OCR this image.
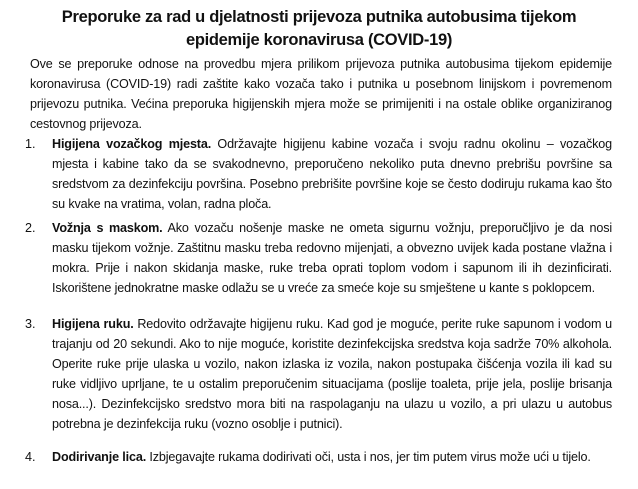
Preporuke za rad u djelatnosti prijevoza putnika autobusima tijekom
epidemije koronavirusa (COVID-19)
Ove se preporuke odnose na provedbu mjera prilikom prijevoza putnika autobusima tijekom epidemije koronavirusa (COVID-19) radi zaštite kako vozača tako i putnika u posebnom linijskom i povremenom prijevozu putnika. Većina preporuka higijenskih mjera može se primijeniti i na ostale oblike organiziranog cestovnog prijevoza.
1. Higijena vozačkog mjesta. Održavajte higijenu kabine vozača i svoju radnu okolinu – vozačkog mjesta i kabine tako da se svakodnevno, preporučeno nekoliko puta dnevno prebrišu površine sa sredstvom za dezinfekciju površina. Posebno prebrišite površine koje se često dodiruju rukama kao što su kvake na vratima, volan, radna ploča.
2. Vožnja s maskom. Ako vozaču nošenje maske ne ometa sigurnu vožnju, preporučljivo je da nosi masku tijekom vožnje. Zaštitnu masku treba redovno mijenjati, a obvezno uvijek kada postane vlažna i mokra. Prije i nakon skidanja maske, ruke treba oprati toplom vodom i sapunom ili ih dezinficirati. Iskorištene jednokratne maske odlažu se u vreće za smeće koje su smještene u kante s poklopcem.
3. Higijena ruku. Redovito održavajte higijenu ruku. Kad god je moguće, perite ruke sapunom i vodom u trajanju od 20 sekundi. Ako to nije moguće, koristite dezinfekcijska sredstva koja sadrže 70% alkohola. Operite ruke prije ulaska u vozilo, nakon izlaska iz vozila, nakon postupaka čišćenja vozila ili kad su ruke vidljivo uprljane, te u ostalim preporučenim situacijama (poslije toaleta, prije jela, poslije brisanja nosa...). Dezinfekcijsko sredstvo mora biti na raspolaganju na ulazu u vozilo, a pri ulazu u autobus potrebna je dezinfekcija ruku (vozno osoblje i putnici).
4. Dodirivanje lica. Izbjegavajte rukama dodirivati oči, usta i nos, jer tim putem virus može ući u tijelo.
